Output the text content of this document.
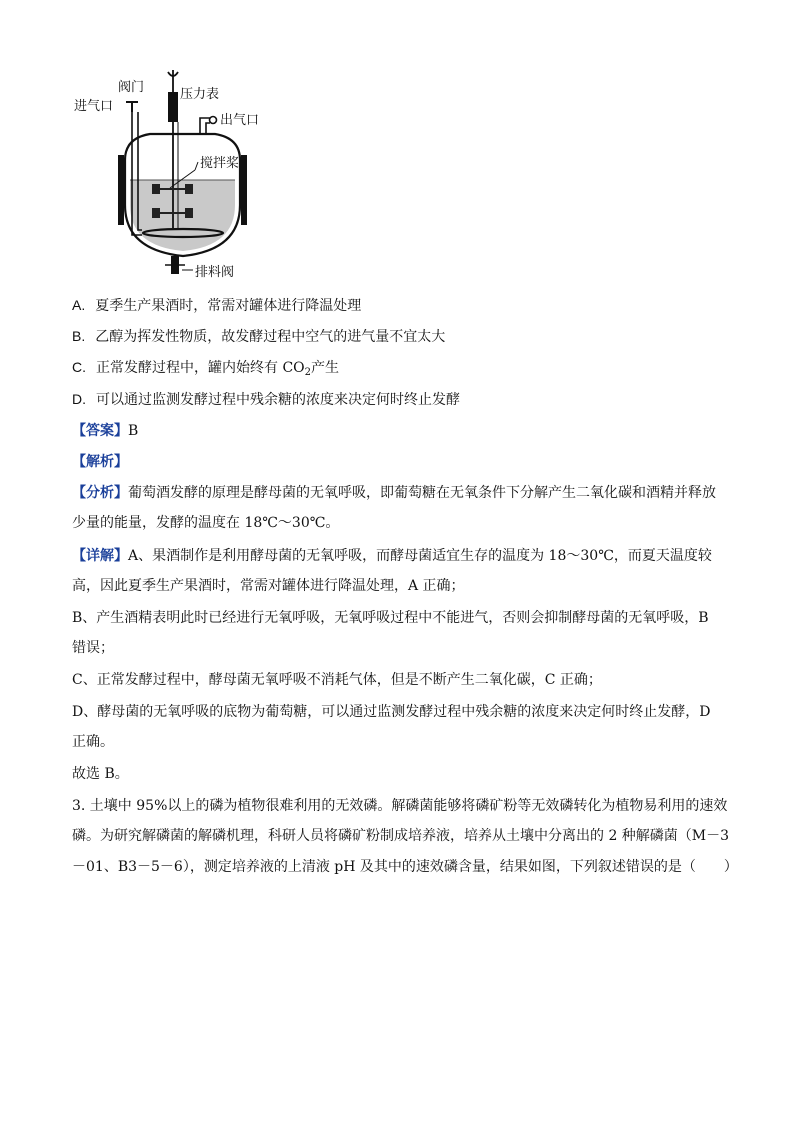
阀门
进气口
压力表
出气口
搅拌桨
排料阀
A. 夏季生产果酒时，常需对罐体进行降温处理
B. 乙醇为挥发性物质，故发酵过程中空气的进气量不宜太大
C. 正常发酵过程中，罐内始终有 $CO_2$产生
D. 可以通过监测发酵过程中残余糖的浓度来决定何时终止发酵
【答案】B
【解析】
【分析】葡萄酒发酵的原理是酵母菌的无氧呼吸，即葡萄糖在无氧条件下分解产生二氧化碳和酒精并释放
少量的能量，发酵的温度在 18℃～30℃。
【详解】A、果酒制作是利用酵母菌的无氧呼吸，而酵母菌适宜生存的温度为 18～30℃，而夏天温度较
高，因此夏季生产果酒时，常需对罐体进行降温处理，A 正确；
B、产生酒精表明此时已经进行无氧呼吸，无氧呼吸过程中不能进气，否则会抑制酵母菌的无氧呼吸，B
错误；
C、正常发酵过程中，酵母菌无氧呼吸不消耗气体，但是不断产生二氧化碳，C 正确；
D、酵母菌的无氧呼吸的底物为葡萄糖，可以通过监测发酵过程中残余糖的浓度来决定何时终止发酵，D
正确。
故选 B。
3. 土壤中 95%以上的磷为植物很难利用的无效磷。解磷菌能够将磷矿粉等无效磷转化为植物易利用的速效
磷。为研究解磷菌的解磷机理，科研人员将磷矿粉制成培养液，培养从土壤中分离出的 2 种解磷菌（M－3
－01、B3－5－6），测定培养液的上清液 pH 及其中的速效磷含量，结果如图，下列叙述错误的是（　　）
